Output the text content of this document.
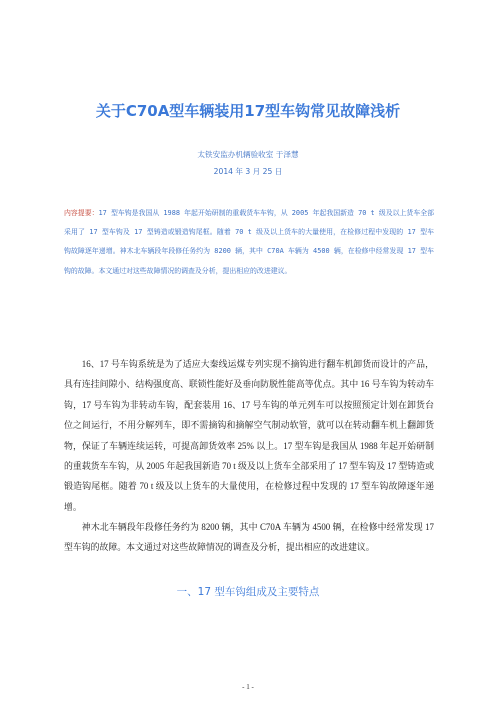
关于C70A型车辆装用17型车钩常见故障浅析
太铁安监办机辆验收室 于泽慧
2014 年 3 月 25 日
内容提要：17 型车钩是我国从 1988 年起开始研制的重载货车车钩，从 2005 年起我国新造 70 t 级及以上货车全部采用了 17 型车钩及 17 型铸造或锻造钩尾框。随着 70 t 级及以上货车的大量使用，在检修过程中发现的 17 型车钩故障逐年递增。神木北车辆段年段修任务约为 8200 辆，其中 C70A 车辆为 4500 辆，在检修中经常发现 17 型车钩的故障。本文通过对这些故障情况的调查及分析，提出相应的改进建议。

16、17 号车钩系统是为了适应大秦线运煤专列实现不摘钩进行翻车机卸货而设计的产品，具有连挂间隙小、结构强度高、联锁性能好及垂向防脱性能高等优点。其中 16 号车钩为转动车钩，17 号车钩为非转动车钩，配套装用 16、17 号车钩的单元列车可以按照预定计划在卸货台位之间运行，不用分解列车，即不需摘钩和摘解空气制动软管，就可以在转动翻车机上翻卸货物，保证了车辆连续运转，可提高卸货效率 25% 以上。17 型车钩是我国从 1988 年起开始研制的重载货车车钩，从 2005 年起我国新造 70 t 级及以上货车全部采用了 17 型车钩及 17 型铸造或锻造钩尾框。随着 70 t 级及以上货车的大量使用，在检修过程中发现的 17 型车钩故障逐年递增。

神木北车辆段年段修任务约为 8200 辆，其中 C70A 车辆为 4500 辆，在检修中经常发现 17 型车钩的故障。本文通过对这些故障情况的调查及分析，提出相应的改进建议。

一、17 型车钩组成及主要特点
- 1 -
